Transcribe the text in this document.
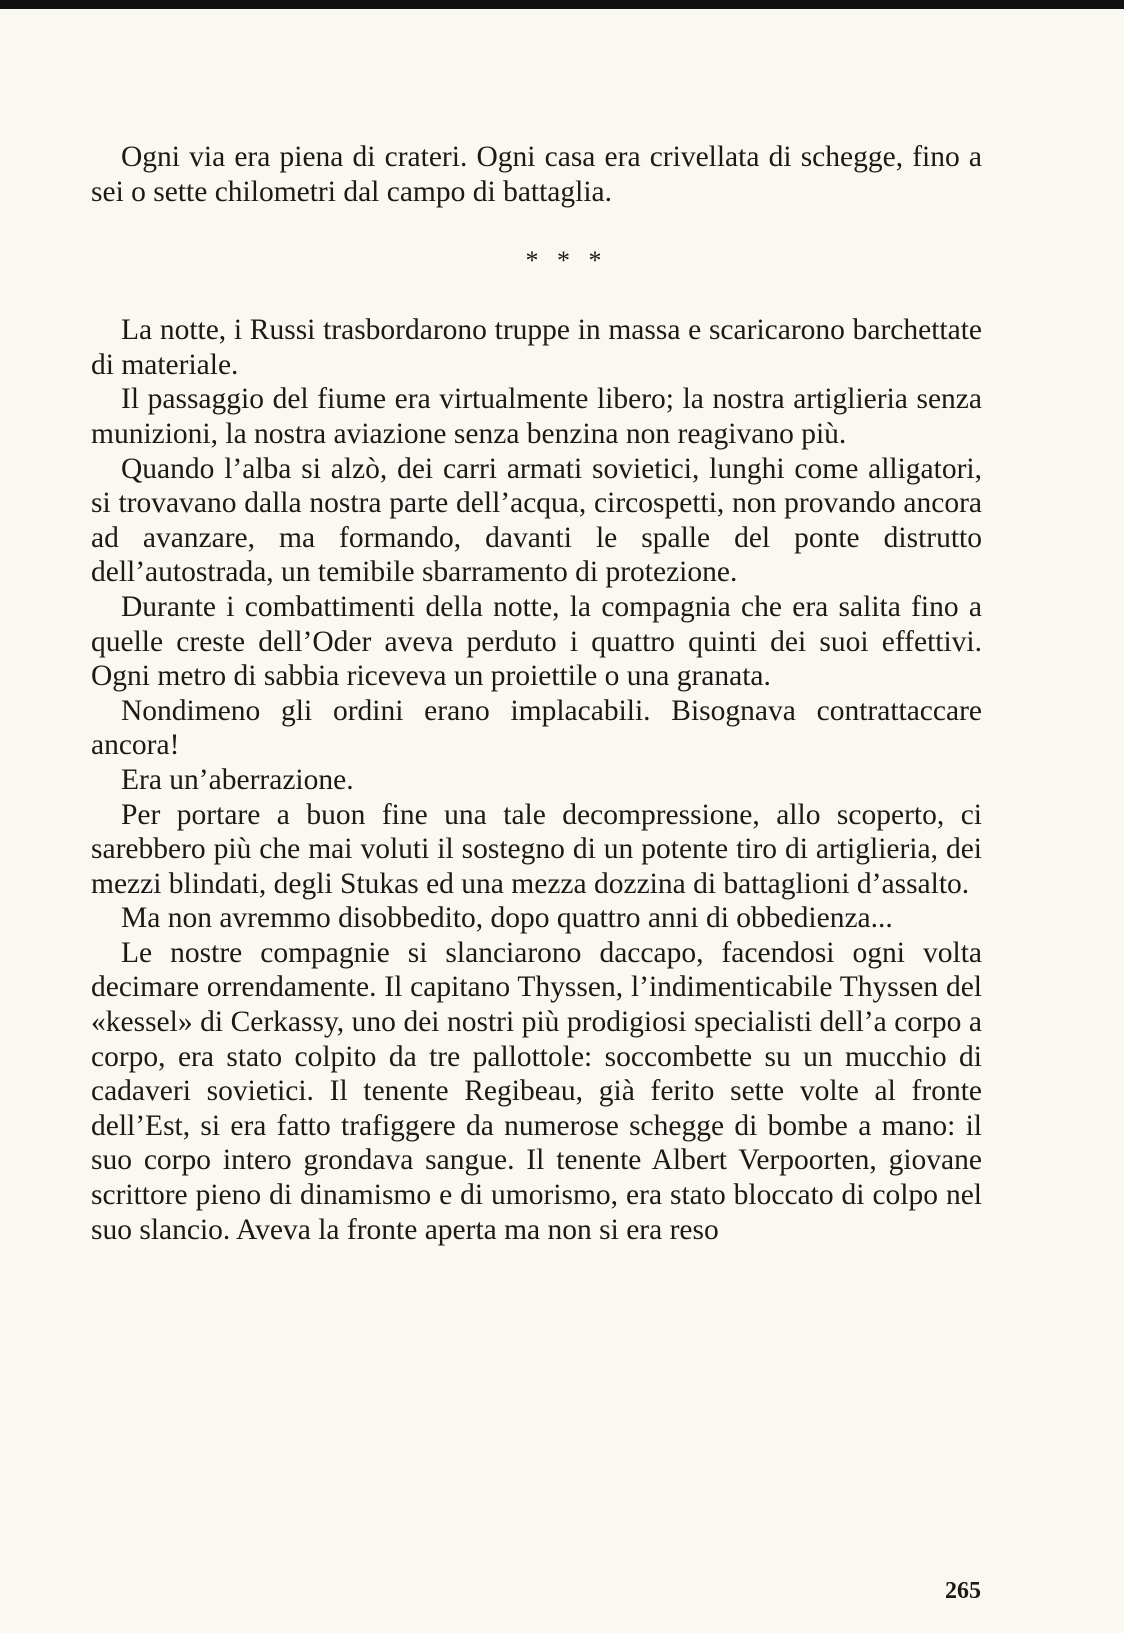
Ogni via era piena di crateri. Ogni casa era crivellata di schegge, fino a sei o sette chilometri dal campo di battaglia.

* * *

La notte, i Russi trasbordarono truppe in massa e scaricarono barchettate di materiale.

Il passaggio del fiume era virtualmente libero; la nostra artiglieria senza munizioni, la nostra aviazione senza benzina non reagivano più.

Quando l’alba si alzò, dei carri armati sovietici, lunghi come alligatori, si trovavano dalla nostra parte dell’acqua, circospetti, non provando ancora ad avanzare, ma formando, davanti le spalle del ponte distrutto dell’autostrada, un temibile sbarramento di protezione.

Durante i combattimenti della notte, la compagnia che era salita fino a quelle creste dell’Oder aveva perduto i quattro quinti dei suoi effettivi. Ogni metro di sabbia riceveva un proiettile o una granata.

Nondimeno gli ordini erano implacabili. Bisognava contrattaccare ancora!

Era un’aberrazione.

Per portare a buon fine una tale decompressione, allo scoperto, ci sarebbero più che mai voluti il sostegno di un potente tiro di artiglieria, dei mezzi blindati, degli Stukas ed una mezza dozzina di battaglioni d’assalto.

Ma non avremmo disobbedito, dopo quattro anni di obbedienza...

Le nostre compagnie si slanciarono daccapo, facendosi ogni volta decimare orrendamente. Il capitano Thyssen, l’indimenticabile Thyssen del «kessel» di Cerkassy, uno dei nostri più prodigiosi specialisti dell’a corpo a corpo, era stato colpito da tre pallottole: soccombette su un mucchio di cadaveri sovietici. Il tenente Regibeau, già ferito sette volte al fronte dell’Est, si era fatto trafiggere da numerose schegge di bombe a mano: il suo corpo intero grondava sangue. Il tenente Albert Verpoorten, giovane scrittore pieno di dinamismo e di umorismo, era stato bloccato di colpo nel suo slancio. Aveva la fronte aperta ma non si era reso

265
